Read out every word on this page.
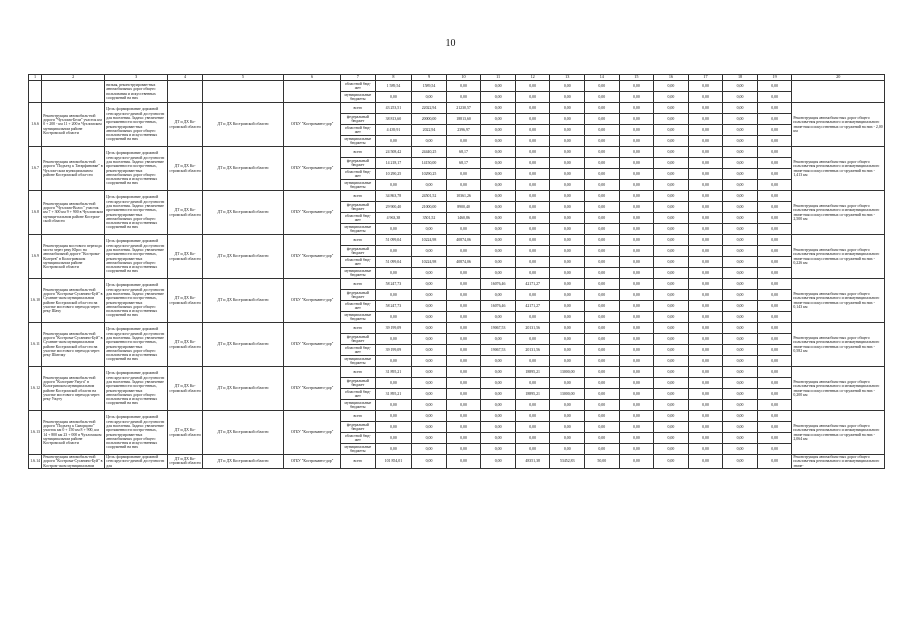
10
1	2	3	4	5	6	7	8	9	10	11	12	13	14	15	16	17	18	19	20
		низкая, реконструирован-ных автомобильных дорог общего пользования и искусственных сооружений на них				областной бюд-жет	1 589,54	1589,54	0,00	0,00	0,00	0,00	0,00	0,00	0,00	0,00	0,00	0,00	
						муниципальные бюджеты	0,00	0,00	0,00	0,00	0,00	0,00	0,00	0,00	0,00	0,00	0,00	0,00	
1.6.6	Реконструкция автомобиль-ной дороги "Чухлома-Бели" участок км 0 + 200 - км 11 + 200 в Чухломском муниципальном районе Костромской области	Цель: формирование дорожной сети круглого-дичной доступности для населения. Задача: увеличение протяженности постро-енных, реконструирован-ных автомобильных дорог общего пользова-ния и искусственных сооружений на них	ДТ и ДХ Ко-стромской области	ДТ и ДХ Костромской области	ОГБУ "Костромавто-дор"	всего	43 253,51	22022,94	21230,57	0,00	0,00	0,00	0,00	0,00	0,00	0,00	0,00	0,00	Реконструкция автомобиль-ных дорог общего пользова-ния регионального и межмуниципального значе-ния и искусственных со-оружений на них - 2,00 км
						федеральный бюджет	38 813,60	20000,00	18813,60	0,00	0,00	0,00	0,00	0,00	0,00	0,00	0,00	0,00	
						областной бюд-жет	4 439,91	2022,94	2396,97	0,00	0,00	0,00	0,00	0,00	0,00	0,00	0,00	0,00	
						муниципальные бюджеты	0,00	0,00	0,00	0,00	0,00	0,00	0,00	0,00	0,00	0,00	0,00	0,00	
1.6.7	Реконструкция автомобиль-ной дороги "Подъезд к Татарфиновке" в Чухлом-ском муниципальном районе Костромской обла-сти	Цель: формирование дорожной сети круглого-дичной доступности для населения. Задача: увеличение протяженности постро-енных, реконструирован-ных автомобильных дорог общего пользова-ния и искусственных сооружений на них	ДТ и ДХ Ко-стромской области	ДТ и ДХ Костромской области	ОГБУ "Костромавто-дор"	всего	24 508,42	24440,25	68,17	0,00	0,00	0,00	0,00	0,00	0,00	0,00	0,00	0,00	Реконструкция автомобиль-ных дорог общего пользова-ния регионального и межмуниципального значе-ния и искусственных со-оружений на них - 1,413 км
						федеральный бюджет	14 218,17	14150,00	68,17	0,00	0,00	0,00	0,00	0,00	0,00	0,00	0,00	0,00	
						областной бюд-жет	10 290,25	10290,25	0,00	0,00	0,00	0,00	0,00	0,00	0,00	0,00	0,00	0,00	
						муниципальные бюджеты	0,00	0,00	0,00	0,00	0,00	0,00	0,00	0,00	0,00	0,00	0,00	0,00	
1.6.8	Реконструкция автомобиль-ной дороги "Чухлома-Волос" участок км 7 + 300 км 9 + 900 в Чухломском муници-пальном районе Костром-ской области	Цель: формирование дорожной сети круглого-дичной доступности для населения. Задача: увеличение протяженности постро-енных, реконструирован-ных автомобильных дорог общего пользова-ния и искусственных сооружений на них	ДТ и ДХ Ко-стромской области	ДТ и ДХ Костромской области	ОГБУ "Костромавто-дор"	всего	34 863,78	24501,52	10361,26	0,00	0,00	0,00	0,00	0,00	0,00	0,00	0,00	0,00	Реконструкция автомобиль-ных дорог общего пользова-ния регионального и межмуниципального значе-ния и искусственных со-оружений на них - 2,500 км
						федеральный бюджет	29 900,40	21000,00	8900,40	0,00	0,00	0,00	0,00	0,00	0,00	0,00	0,00	0,00	
						областной бюд-жет	4 963,38	3501,52	1460,86	0,00	0,00	0,00	0,00	0,00	0,00	0,00	0,00	0,00	
						муниципальные бюджеты	0,00	0,00	0,00	0,00	0,00	0,00	0,00	0,00	0,00	0,00	0,00	0,00	
1.6.9	Реконструкция мостового перехода моста через реку Юрос на автомобильной дороге "Кострома-Колгрев" в Кологривском муниципальном районе Костромской области	Цель: формирование дорожной сети круглого-дичной доступности для населения. Задача: увеличение протяженности постро-енных, реконструирован-ных автомобильных дорог общего пользова-ния и искусственных сооружений на них	ДТ и ДХ Ко-стромской области	ДТ и ДХ Костромской области	ОГБУ "Костромавто-дор"	всего	51 099,04	10224,98	40874,06	0,00	0,00	0,00	0,00	0,00	0,00	0,00	0,00	0,00	Реконструкция автомобиль-ных дорог общего пользова-ния регионального и межмуниципального значе-ния и искусственных со-оружений на них - 0,226 км
						федеральный бюджет	0,00	0,00	0,00	0,00	0,00	0,00	0,00	0,00	0,00	0,00	0,00	0,00	
						областной бюд-жет	51 099,04	10224,98	40874,06	0,00	0,00	0,00	0,00	0,00	0,00	0,00	0,00	0,00	
						муниципальные бюджеты	0,00	0,00	0,00	0,00	0,00	0,00	0,00	0,00	0,00	0,00	0,00	0,00	
1.6.10	Реконструкция автомобиль-ной дороги "Кострома-Сусанино-Буй" в Сусанин-ском муниципальном районе Костромской обла-сти на участке мостового перехода через реку Шачу	Цель: формирование дорожной сети круглого-дичной доступности для населения. Задача: увеличение протяженности постро-енных, реконструирован-ных автомобильных дорог общего пользова-ния и искусственных сооружений на них	ДТ и ДХ Ко-стромской области	ДТ и ДХ Костромской области	ОГБУ "Костромавто-дор"	всего	58 247,73	0,00	0,00	16076,46	42171,27	0,00	0,00	0,00	0,00	0,00	0,00	0,00	Реконструкция автомобиль-ных дорог общего пользова-ния регионального и межмуниципального значе-ния и искусственных со-оружений на них - 0,143 км
						федеральный бюджет	0,00	0,00	0,00	0,00	0,00	0,00	0,00	0,00	0,00	0,00	0,00	0,00	
						областной бюд-жет	58 247,73	0,00	0,00	16076,46	42171,27	0,00	0,00	0,00	0,00	0,00	0,00	0,00	
						муниципальные бюджеты	0,00	0,00	0,00	0,00	0,00	0,00	0,00	0,00	0,00	0,00	0,00	0,00	
1.6.11	Реконструкция автомобиль-ной дороги "Кострома-Сусанино-Буй" в Сусанин-ском муниципальном районе Костромской обла-сти на участке мостового перехода через реку Шмелку	Цель: формирование дорожной сети круглого-дичной доступности для населения. Задача: увеличение протяженности постро-енных, реконструирован-ных автомобильных дорог общего пользова-ния и искусственных сооружений на них	ДТ и ДХ Ко-стромской области	ДТ и ДХ Костромской области	ОГБУ "Костромавто-дор"	всего	39 199,09	0,00	0,00	19067,53	20131,56	0,00	0,00	0,00	0,00	0,00	0,00	0,00	Реконструкция автомобиль-ных дорог общего пользова-ния регионального и межмуниципального значе-ния и искусственных со-оружений на них - 0,582 км
						федеральный бюджет	0,00	0,00	0,00	0,00	0,00	0,00	0,00	0,00	0,00	0,00	0,00	0,00	
						областной бюд-жет	39 199,09	0,00	0,00	19067,53	20131,56	0,00	0,00	0,00	0,00	0,00	0,00	0,00	
						муниципальные бюджеты	0,00	0,00	0,00	0,00	0,00	0,00	0,00	0,00	0,00	0,00	0,00	0,00	
1.6.12	Реконструкция автомобиль-ной дороги "Кологрив-Ужуга" в Кологривском муниципальном районе Костромской области на участке мостового перехода через реку Ужугу	Цель: формирование дорожной сети круглого-дичной доступности для населения. Задача: увеличение протяженности постро-енных, реконструирован-ных автомобильных дорог общего пользова-ния и искусственных сооружений на них	ДТ и ДХ Ко-стромской области	ДТ и ДХ Костромской области	ОГБУ "Костромавто-дор"	всего	31 895,21	0,00	0,00	0,00	18895,21	13000,00	0,00	0,00	0,00	0,00	0,00	0,00	Реконструкция автомобиль-ных дорог общего пользова-ния регионального и межмуниципального значе-ния и искусственных со-оружений на них - 0,200 км
						федеральный бюджет	0,00	0,00	0,00	0,00	0,00	0,00	0,00	0,00	0,00	0,00	0,00	0,00	
						областной бюд-жет	31 895,21	0,00	0,00	0,00	18895,21	13000,00	0,00	0,00	0,00	0,00	0,00	0,00	
						муниципальные бюджеты	0,00	0,00	0,00	0,00	0,00	0,00	0,00	0,00	0,00	0,00	0,00	0,00	
1.6.13	Реконструкция автомобиль-ной дороги "Подъезд к Скворцово" участок км 0 + 150 км 8 + 900, км 14 + 800 км 23 + 000 в Чухломском муниципальном районе Костромской области	Цель: формирование дорожной сети круглого-дичной доступности для населения. Задача: увеличение протяженности постро-енных, реконструирован-ных автомобильных дорог общего пользова-ния и искусственных сооружений на них	ДТ и ДХ Ко-стромской области	ДТ и ДХ Костромской области	ОГБУ "Костромавто-дор"	всего	0,00	0,00	0,00	0,00	0,00	0,00	0,00	0,00	0,00	0,00	0,00	0,00	Реконструкция автомобиль-ных дорог общего пользова-ния регионального и межмуниципального значе-ния и искусственных со-оружений на них - 2,064 км
						федеральный бюджет	0,00	0,00	0,00	0,00	0,00	0,00	0,00	0,00	0,00	0,00	0,00	0,00	
						областной бюд-жет	0,00	0,00	0,00	0,00	0,00	0,00	0,00	0,00	0,00	0,00	0,00	0,00	
						муниципальные бюджеты	0,00	0,00	0,00	0,00	0,00	0,00	0,00	0,00	0,00	0,00	0,00	0,00	
1.6.14	Реконструкция автомобиль-ной дороги "Кострома-Сусанино-Буй" в Костром-ском муниципальном	Цель: формирование дорожной сети круглого-дичной доступности для	ДТ и ДХ Ко-стромской области	ДТ и ДХ Костромской области	ОГБУ "Костромавто-дор"	всего	101 854,01	0,00	0,00	0,00	48351,38	53452,83	50,00	0,00	0,00	0,00	0,00	0,00	Реконструкция автомобиль-ных дорог общего пользова-ния регионального и межмуниципального значе-
